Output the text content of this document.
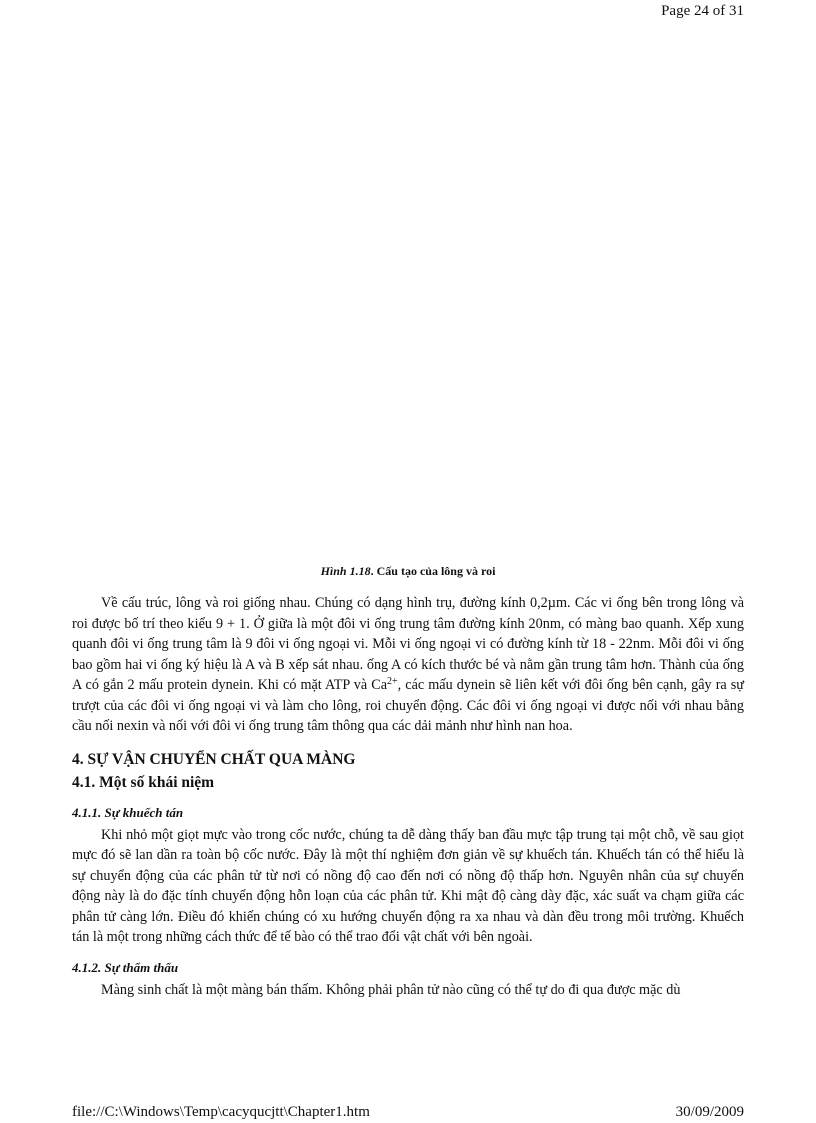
Page 24 of 31
Hình 1.18. Cấu tạo của lông và roi

Về cấu trúc, lông và roi giống nhau. Chúng có dạng hình trụ, đường kính 0,2µm. Các vi ống bên trong lông và roi được bố trí theo kiểu 9 + 1. Ở giữa là một đôi vi ống trung tâm đường kính 20nm, có màng bao quanh. Xếp xung quanh đôi vi ống trung tâm là 9 đôi vi ống ngoại vi. Mỗi vi ống ngoại vi có đường kính từ 18 - 22nm. Mỗi đôi vi ống bao gồm hai vi ống ký hiệu là A và B xếp sát nhau. ống A có kích thước bé và nằm gần trung tâm hơn. Thành của ống A có gắn 2 mấu protein dynein. Khi có mặt ATP và $Ca^{2+}$, các mấu dynein sẽ liên kết với đôi ống bên cạnh, gây ra sự trượt của các đôi vi ống ngoại vi và làm cho lông, roi chuyển động. Các đôi vi ống ngoại vi được nối với nhau bằng cầu nối nexin và nối với đôi vi ống trung tâm thông qua các dải mảnh như hình nan hoa.

4. SỰ VẬN CHUYỂN CHẤT QUA MÀNG
4.1. Một số khái niệm
4.1.1. Sự khuếch tán

Khi nhỏ một giọt mực vào trong cốc nước, chúng ta dễ dàng thấy ban đầu mực tập trung tại một chỗ, về sau giọt mực đó sẽ lan dần ra toàn bộ cốc nước. Đây là một thí nghiệm đơn giản về sự khuếch tán. Khuếch tán có thể hiểu là sự chuyển động của các phân tử từ nơi có nồng độ cao đến nơi có nồng độ thấp hơn. Nguyên nhân của sự chuyển động này là do đặc tính chuyển động hỗn loạn của các phân tử. Khi mật độ càng dày đặc, xác suất va chạm giữa các phân tử càng lớn. Điều đó khiến chúng có xu hướng chuyển động ra xa nhau và dàn đều trong môi trường. Khuếch tán là một trong những cách thức để tế bào có thể trao đổi vật chất với bên ngoài.

4.1.2. Sự thẩm thấu

Màng sinh chất là một màng bán thấm. Không phải phân tử nào cũng có thể tự do đi qua được mặc dù

file://C:\Windows\Temp\cacyqucjtt\Chapter1.htm	30/09/2009
